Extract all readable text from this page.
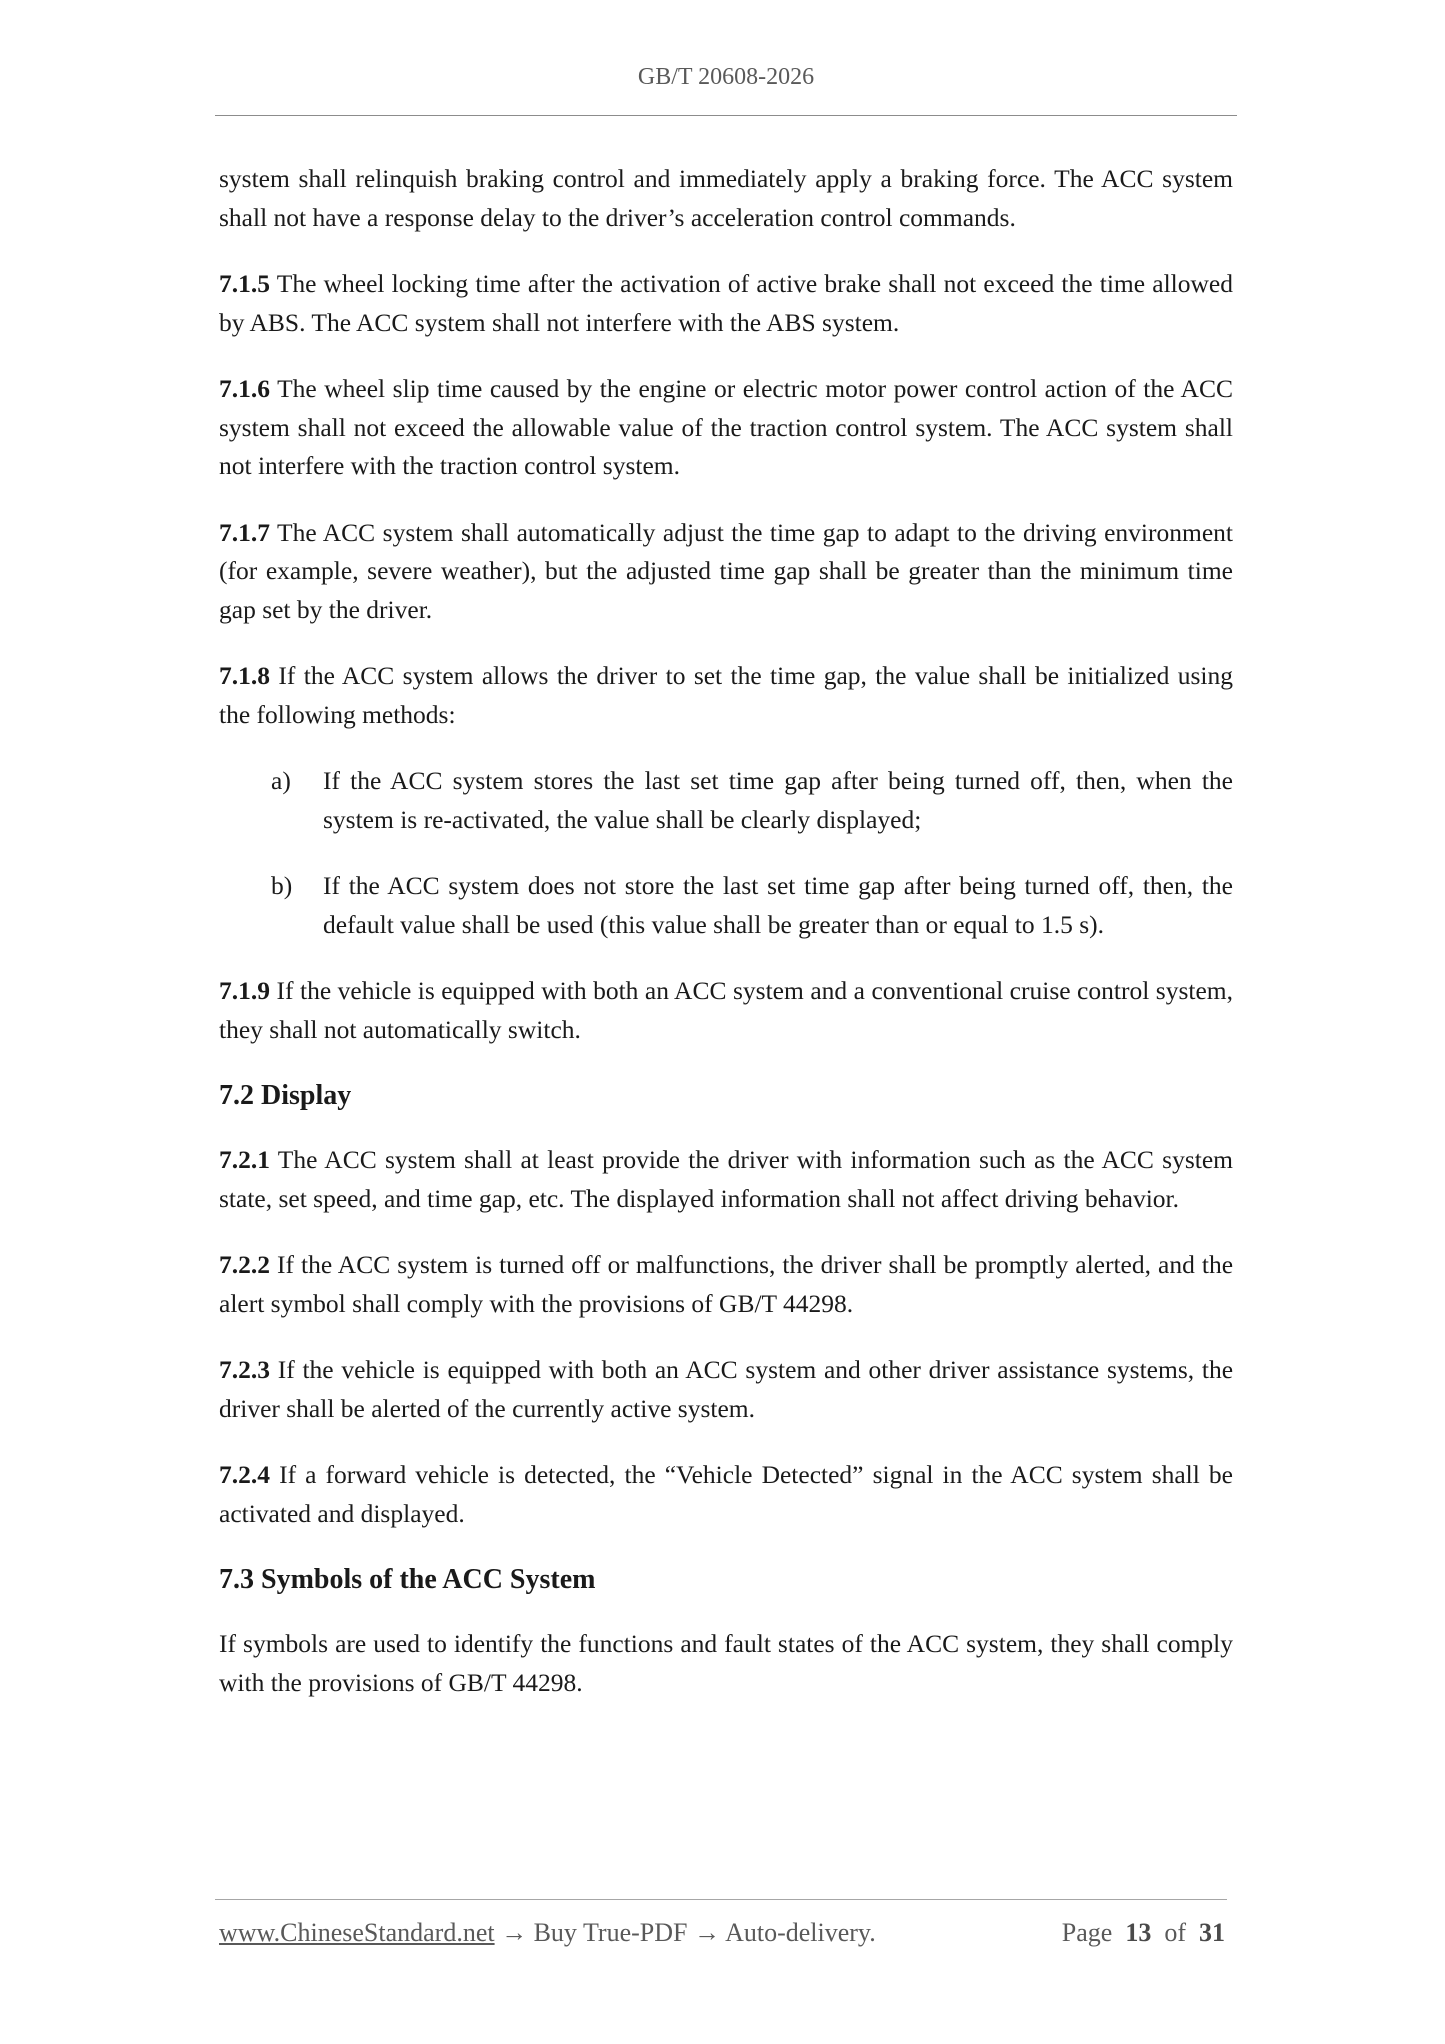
GB/T 20608-2026

system shall relinquish braking control and immediately apply a braking force. The ACC system shall not have a response delay to the driver’s acceleration control commands.

7.1.5 The wheel locking time after the activation of active brake shall not exceed the time allowed by ABS. The ACC system shall not interfere with the ABS system.

7.1.6 The wheel slip time caused by the engine or electric motor power control action of the ACC system shall not exceed the allowable value of the traction control system. The ACC system shall not interfere with the traction control system.

7.1.7 The ACC system shall automatically adjust the time gap to adapt to the driving environment (for example, severe weather), but the adjusted time gap shall be greater than the minimum time gap set by the driver.

7.1.8 If the ACC system allows the driver to set the time gap, the value shall be initialized using the following methods:

a) If the ACC system stores the last set time gap after being turned off, then, when the system is re-activated, the value shall be clearly displayed;
b) If the ACC system does not store the last set time gap after being turned off, then, the default value shall be used (this value shall be greater than or equal to 1.5 s).

7.1.9 If the vehicle is equipped with both an ACC system and a conventional cruise control system, they shall not automatically switch.

7.2 Display

7.2.1 The ACC system shall at least provide the driver with information such as the ACC system state, set speed, and time gap, etc. The displayed information shall not affect driving behavior.

7.2.2 If the ACC system is turned off or malfunctions, the driver shall be promptly alerted, and the alert symbol shall comply with the provisions of GB/T 44298.

7.2.3 If the vehicle is equipped with both an ACC system and other driver assistance systems, the driver shall be alerted of the currently active system.

7.2.4 If a forward vehicle is detected, the “Vehicle Detected” signal in the ACC system shall be activated and displayed.

7.3 Symbols of the ACC System

If symbols are used to identify the functions and fault states of the ACC system, they shall comply with the provisions of GB/T 44298.

www.ChineseStandard.net → Buy True-PDF → Auto-delivery.	Page 13 of 31
